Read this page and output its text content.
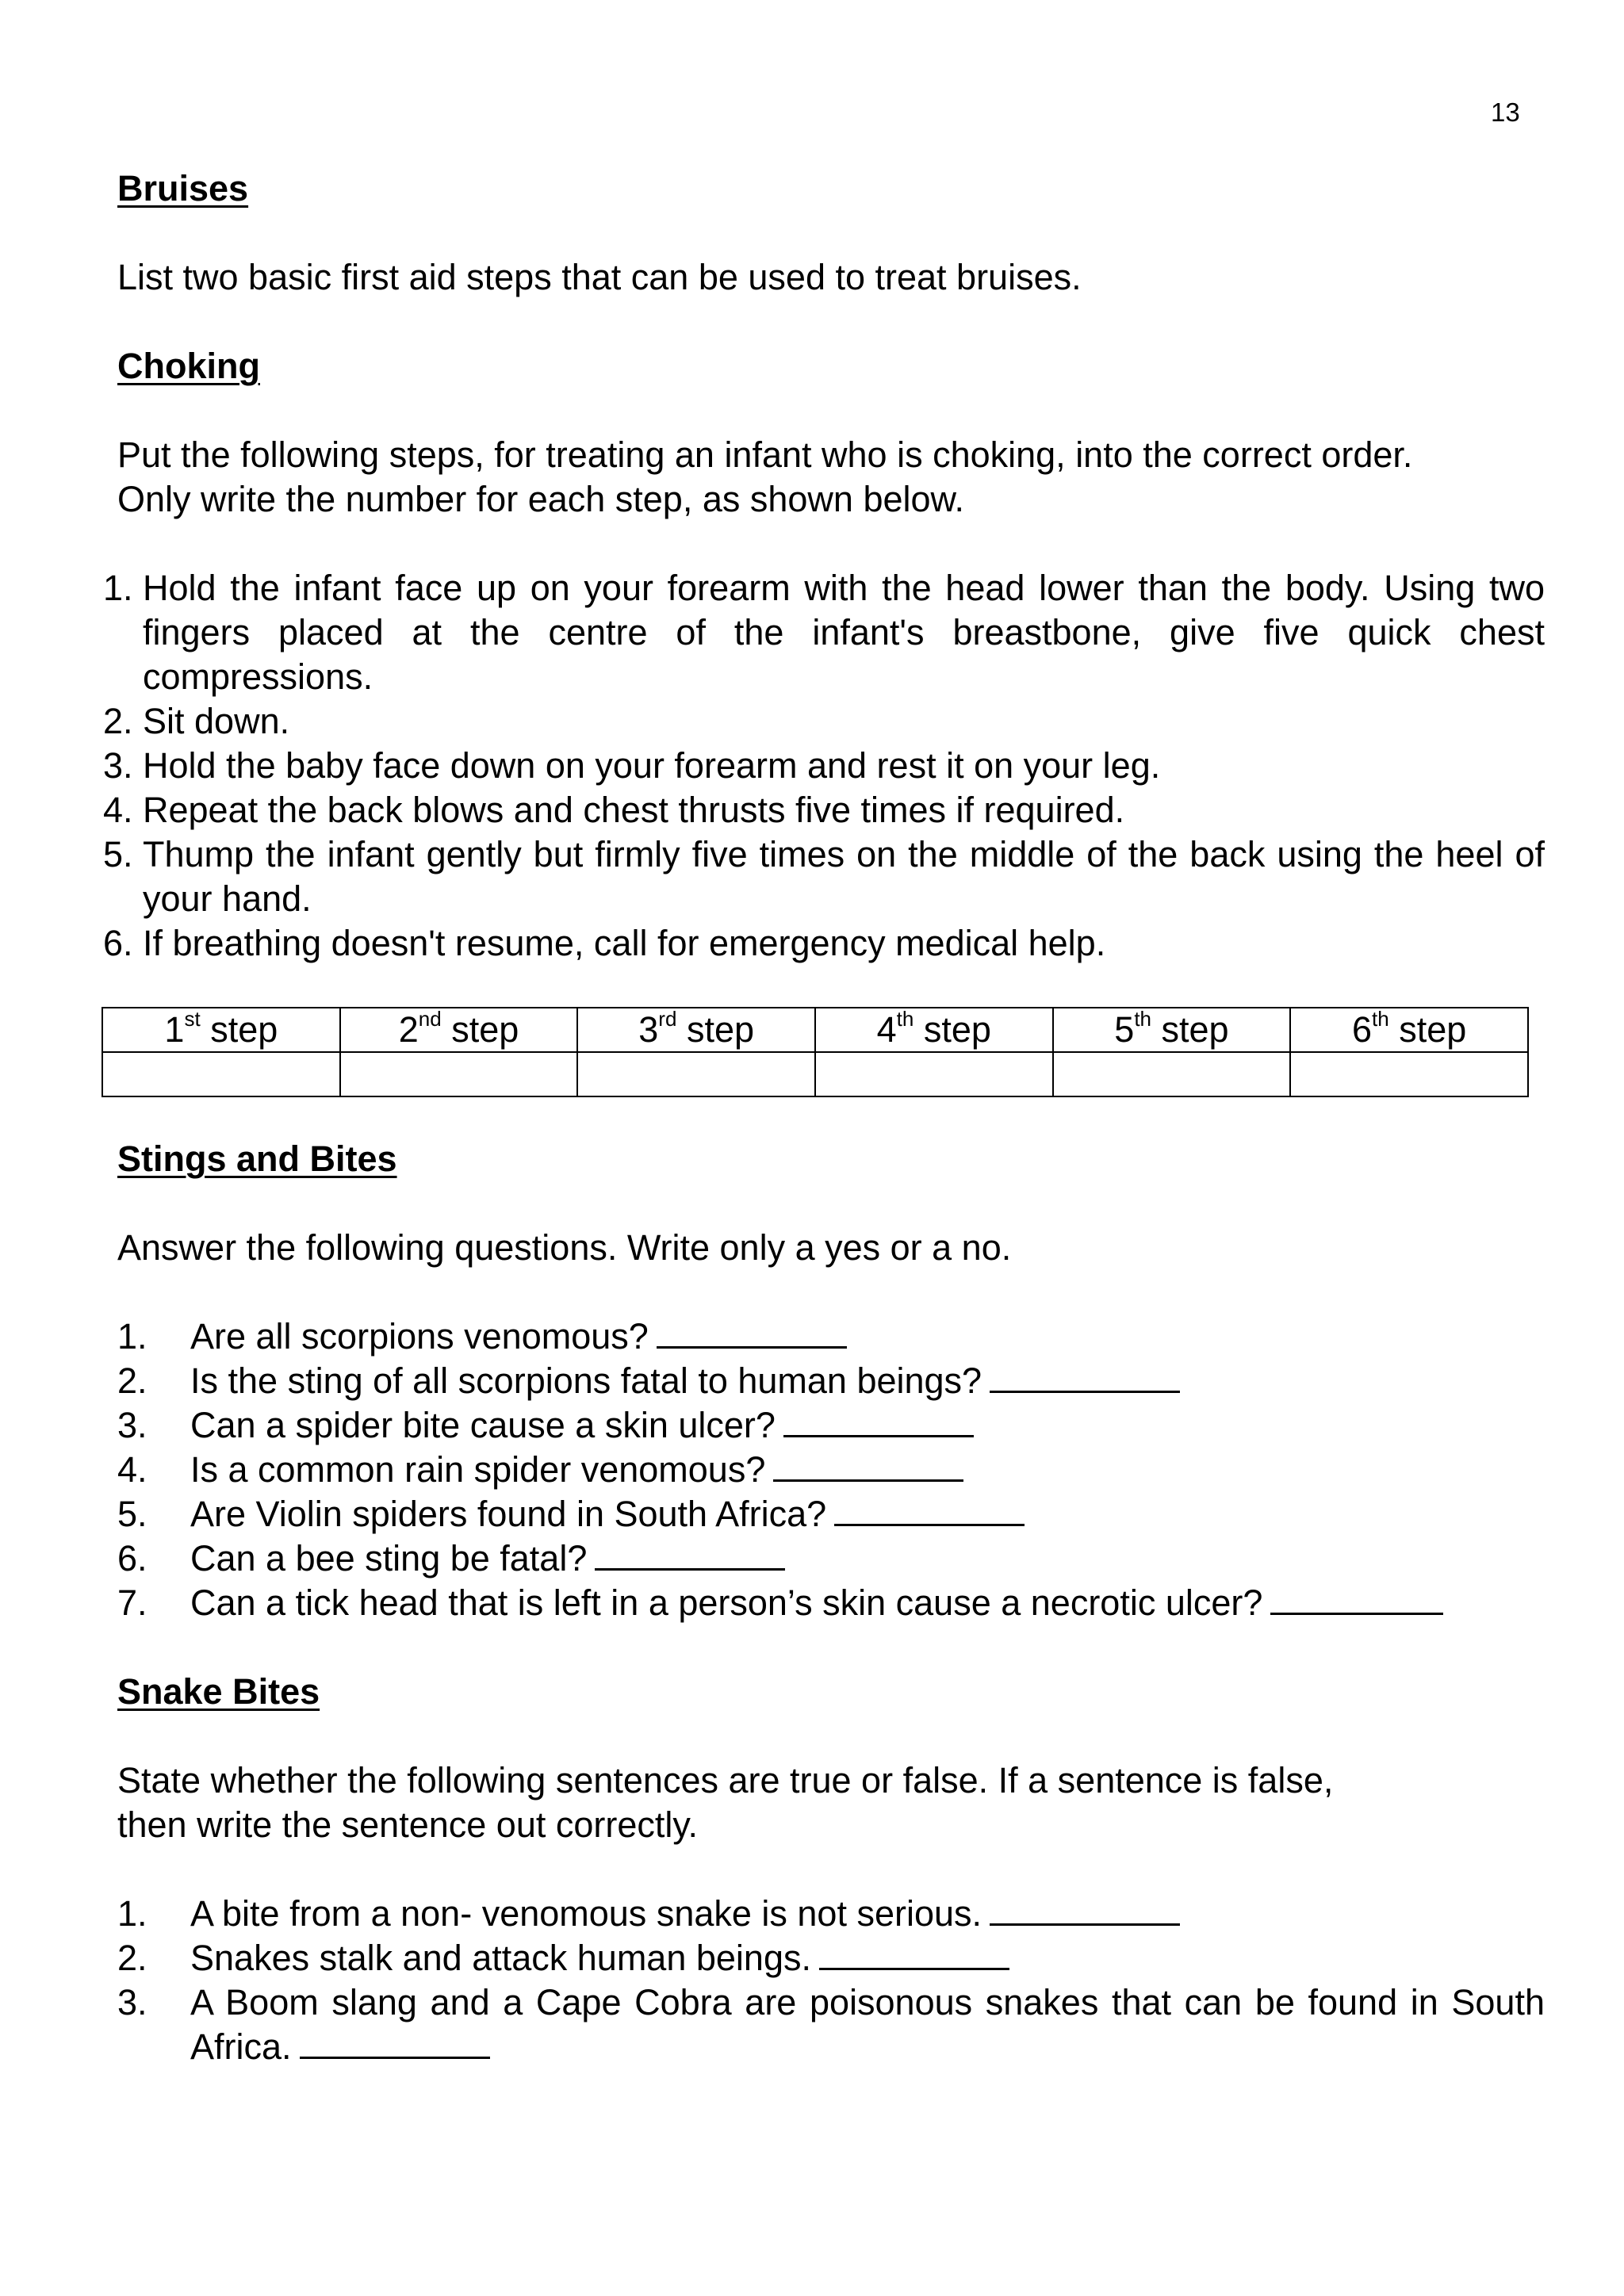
13
Bruises

List two basic first aid steps that can be used to treat bruises.

Choking

Put the following steps, for treating an infant who is choking, into the correct order.

Only write the number for each step, as shown below.

1. Hold the infant face up on your forearm with the head lower than the body. Using two fingers placed at the centre of the infant's breastbone, give five quick chest compressions.
2. Sit down.
3. Hold the baby face down on your forearm and rest it on your leg.
4. Repeat the back blows and chest thrusts five times if required.
5. Thump the infant gently but firmly five times on the middle of the back using the heel of your hand.
6. If breathing doesn't resume, call for emergency medical help.
1st step	2nd step	3rd step	4th step	5th step	6th step

Stings and Bites

Answer the following questions. Write only a yes or a no.

1.	Are all scorpions venomous?
2.	Is the sting of all scorpions fatal to human beings?
3.	Can a spider bite cause a skin ulcer?
4.	Is a common rain spider venomous?
5.	Are Violin spiders found in South Africa?
6.	Can a bee sting be fatal?
7.	Can a tick head that is left in a person’s skin cause a necrotic ulcer?
Snake Bites

State whether the following sentences are true or false. If a sentence is false,

then write the sentence out correctly.

1.	A bite from a non- venomous snake is not serious.
2.	Snakes stalk and attack human beings.
3.	A Boom slang and a Cape Cobra are poisonous snakes that can be found in South Africa.
